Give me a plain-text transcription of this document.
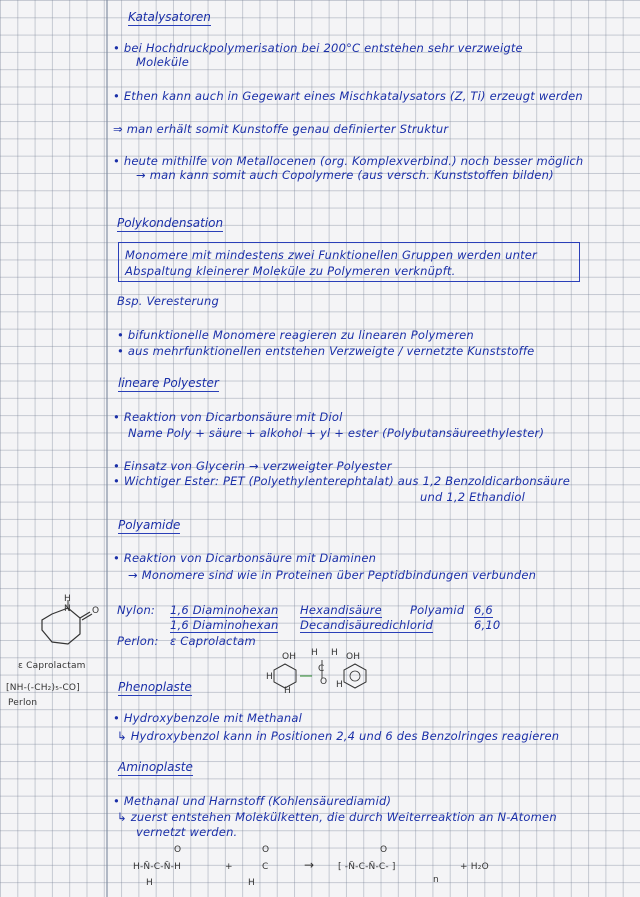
Katalysatoren
• bei Hochdruckpolymerisation bei 200°C entstehen sehr verzweigte
Moleküle
• Ethen kann auch in Gegewart eines Mischkatalysators (Z, Ti) erzeugt werden
⇒ man erhält somit Kunstoffe genau definierter Struktur
• heute mithilfe von Metallocenen (org. Komplexverbind.) noch besser möglich
→ man kann somit auch Copolymere (aus versch. Kunststoffen bilden)
Polykondensation
Monomere mit mindestens zwei Funktionellen Gruppen werden unter
Abspaltung kleinerer Moleküle zu Polymeren verknüpft.
Bsp. Veresterung
• bifunktionelle Monomere reagieren zu linearen Polymeren
• aus mehrfunktionellen entstehen Verzweigte / vernetzte Kunststoffe
lineare Polyester
• Reaktion von Dicarbonsäure mit Diol
Name Poly + säure + alkohol + yl + ester (Polybutansäureethylester)
• Einsatz von Glycerin → verzweigter Polyester
• Wichtiger Ester: PET (Polyethylenterephtalat) aus 1,2 Benzoldicarbonsäure
und 1,2 Ethandiol
Polyamide
• Reaktion von Dicarbonsäure mit Diaminen
→ Monomere sind wie in Proteinen über Peptidbindungen verbunden
Nylon: 1,6 Diaminohexan Hexandisäure Polyamid 6,6
1,6 Diaminohexan Decandisäuredichlorid	6,10
Perlon: ε Caprolactam
H
N O
ε Caprolactam
[NH-(-CH₂)₅-CO]
Perlon
Phenoplaste
OH	OH
H
H H
C
O
H
H
• Hydroxybenzole mit Methanal
↳ Hydroxybenzol kann in Positionen 2,4 und 6 des Benzolringes reagieren
Aminoplaste
• Methanal und Harnstoff (Kohlensäurediamid)
↳ zuerst entstehen Molekülketten, die durch Weiterreaktion an N-Atomen
vernetzt werden.
H-N̄-C-N̄-H
O
H
+
O
C
H
→	[ -N̄-C-N̄-C- ]
O
n
+ H₂O
